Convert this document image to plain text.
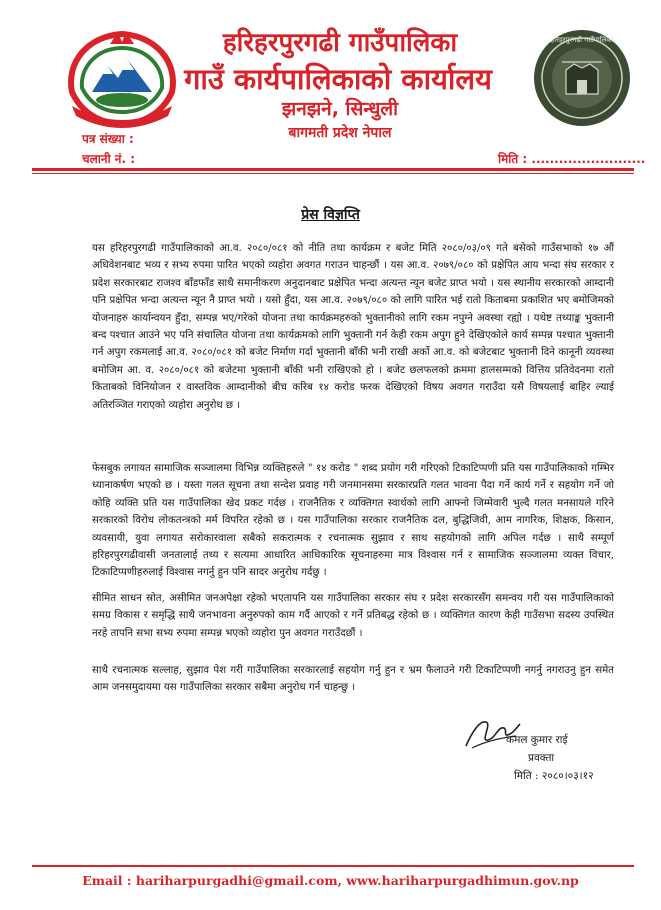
हरिहरपुरगढी गाउँपालिका
हरिहरपुरगढी गाउँपालिका
गाउँ कार्यपालिकाको कार्यालय
झनझने, सिन्धुली
बागमती प्रदेश नेपाल
पत्र संख्या :
चलानी नं. :	मिति : .........................
प्रेस विज्ञप्ति
यस हरिहरपुरगढी गाउँपालिकाको आ.व. २०८०/०८१ को नीति तथा कार्यक्रम र बजेट मिति २०८०/०३/०९ गते बसेको गाउँसभाको १७ औं अधिवेशनबाट भव्य र सभ्य रुपमा पारित भएको व्यहोरा अवगत गराउन चाहन्छौं । यस आ.व. २०७९/०८० को प्रक्षेपित आय भन्दा संघ सरकार र प्रदेश सरकारबाट राजश्व बाँडफाँड साथै समानीकरण अनुदानबाट प्रक्षेपित भन्दा अत्यन्त न्यून बजेट प्राप्त भयो । यस स्थानीय सरकारको आम्दानी पनि प्रक्षेपित भन्दा अत्यन्त न्यून नै प्राप्त भयो । यसो हुँदा, यस आ.व. २०७९/०८० को लागि पारित भई रातो किताबमा प्रकाशित भए बमोजिमको योजनाहरु कार्यान्वयन हुँदा, सम्पन्न भए/गरेको योजना तथा कार्यक्रमहरुको भुक्तानीको लागि रकम नपुग्ने अवस्था रह्यो । यथेष्ट तथ्याङ्क भुक्तानी बन्द पश्चात आउने भए पनि संचालित योजना तथा कार्यक्रमको लागि भुक्तानी गर्न केही रकम अपुग हुने देखिएकोले कार्य सम्पन्न पश्चात भुक्तानी गर्न अपुग रकमलाई आ.व. २०८०/०८१ को बजेट निर्माण गर्दा भुक्तानी बाँकी भनी राखी अर्को आ.व. को बजेटबाट भुक्तानी दिने कानूनी व्यवस्था बमोजिम आ. व. २०८०/०८१ को बजेटमा भुक्तानी बाँकी भनी राखिएको हो । बजेट छलफलको क्रममा हालसम्मको वित्तिय प्रतिवेदनमा रातो किताबको विनियोजन र वास्तविक आम्दानीको बीच करिब १४ करोड फरक देखिएको विषय अवगत गराउँदा यसै विषयलाई बाहिर ल्याई अतिरञ्जित गराएको व्यहोरा अनुरोध छ ।
फेसबुक लगायत सामाजिक सञ्जालमा विभिन्न व्यक्तिहरुले " १४ करोड " शब्द प्रयोग गरी गरिएको टिकाटिप्पणी प्रति यस गाउँपालिकाको गम्भिर ध्यानाकर्षण भएको छ । यस्ता गलत सूचना तथा सन्देश प्रवाह गरी जनमानसमा सरकारप्रति गलत भावना पैदा गर्ने कार्य गर्ने र सहयोग गर्ने जो कोहि व्यक्ति प्रति यस गाउँपालिका खेद प्रकट गर्दछ । राजनैतिक र व्यक्तिगत स्वार्थको लागि आफ्नो जिम्मेवारी भुल्दै गलत मनसायले गरिने सरकारको विरोध लोकतन्त्रको मर्म विपरित रहेको छ । यस गाउँपालिका सरकार राजनैतिक दल, बुद्धिजिवी, आम नागरिक, शिक्षक, किसान, व्यवसायी, युवा लगायत सरोकारवाला सबैको सकरात्मक र रचनात्मक सुझाव र साथ सहयोगको लागि अपिल गर्दछ । साथै सम्पूर्ण हरिहरपुरगढीवासी जनतालाई तथ्य र सत्यमा आधारित आधिकारिक सूचनाहरुमा मात्र विश्वास गर्न र सामाजिक सञ्जालमा व्यक्त विचार, टिकाटिप्पणीहरुलाई विश्वास नगर्नु हुन पनि सादर अनुरोध गर्दछु ।
सीमित साधन स्रोत, असीमित जनअपेक्षा रहेको भएतापनि यस गाउँपालिका सरकार संघ र प्रदेश सरकारसँग समन्वय गरी यस गाउँपालिकाको समग्र विकास र समृद्धि साथै जनभावना अनुरुपको काम गर्दै आएको र गर्ने प्रतिबद्ध रहेको छ । व्यक्तिगत कारण केही गाउँसभा सदस्य उपस्थित नरहे तापनि सभा सभ्य रुपमा सम्पन्न भएको व्यहोरा पुन अवगत गराउँदछौं ।
साथै रचनात्मक सल्लाह, सुझाव पेश गरी गाउँपालिका सरकारलाई सहयोग गर्नु हुन र भ्रम फैलाउने गरी टिकाटिप्पणी नगर्नु नगराउनु हुन समेत आम जनसमुदायमा यस गाउँपालिका सरकार सबैमा अनुरोध गर्न चाहन्छु ।
कमल कुमार राई
प्रवक्ता
मिति : २०८०।०३।१२
Email : hariharpurgadhi@gmail.com, www.hariharpurgadhimun.gov.np
